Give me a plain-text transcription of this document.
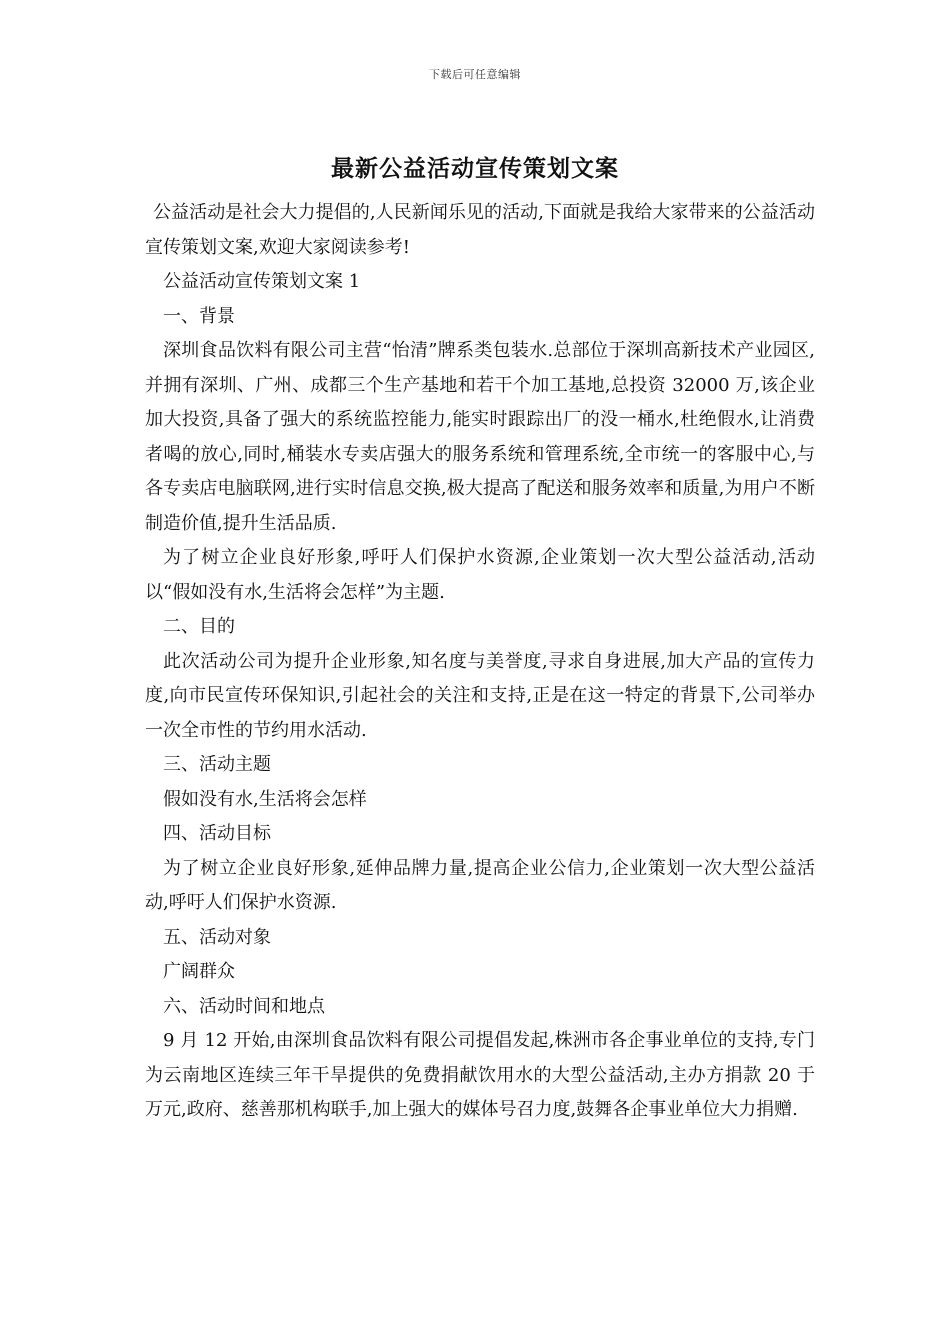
下载后可任意编辑
最新公益活动宣传策划文案

公益活动是社会大力提倡的,人民新闻乐见的活动,下面就是我给大家带来的公益活动宣传策划文案,欢迎大家阅读参考!

公益活动宣传策划文案 1

一、背景

深圳食品饮料有限公司主营“怡清”牌系类包装水.总部位于深圳高新技术产业园区,并拥有深圳、广州、成都三个生产基地和若干个加工基地,总投资 32000 万,该企业加大投资,具备了强大的系统监控能力,能实时跟踪出厂的没一桶水,杜绝假水,让消费者喝的放心,同时,桶装水专卖店强大的服务系统和管理系统,全市统一的客服中心,与各专卖店电脑联网,进行实时信息交换,极大提高了配送和服务效率和质量,为用户不断制造价值,提升生活品质.

为了树立企业良好形象,呼吁人们保护水资源,企业策划一次大型公益活动,活动以“假如没有水,生活将会怎样”为主题.

二、目的

此次活动公司为提升企业形象,知名度与美誉度,寻求自身进展,加大产品的宣传力度,向市民宣传环保知识,引起社会的关注和支持,正是在这一特定的背景下,公司举办一次全市性的节约用水活动.

三、活动主题

假如没有水,生活将会怎样

四、活动目标

为了树立企业良好形象,延伸品牌力量,提高企业公信力,企业策划一次大型公益活动,呼吁人们保护水资源.

五、活动对象

广阔群众

六、活动时间和地点

9 月 12 开始,由深圳食品饮料有限公司提倡发起,株洲市各企事业单位的支持,专门为云南地区连续三年干旱提供的免费捐献饮用水的大型公益活动,主办方捐款 20 于万元,政府、慈善那机构联手,加上强大的媒体号召力度,鼓舞各企事业单位大力捐赠.
